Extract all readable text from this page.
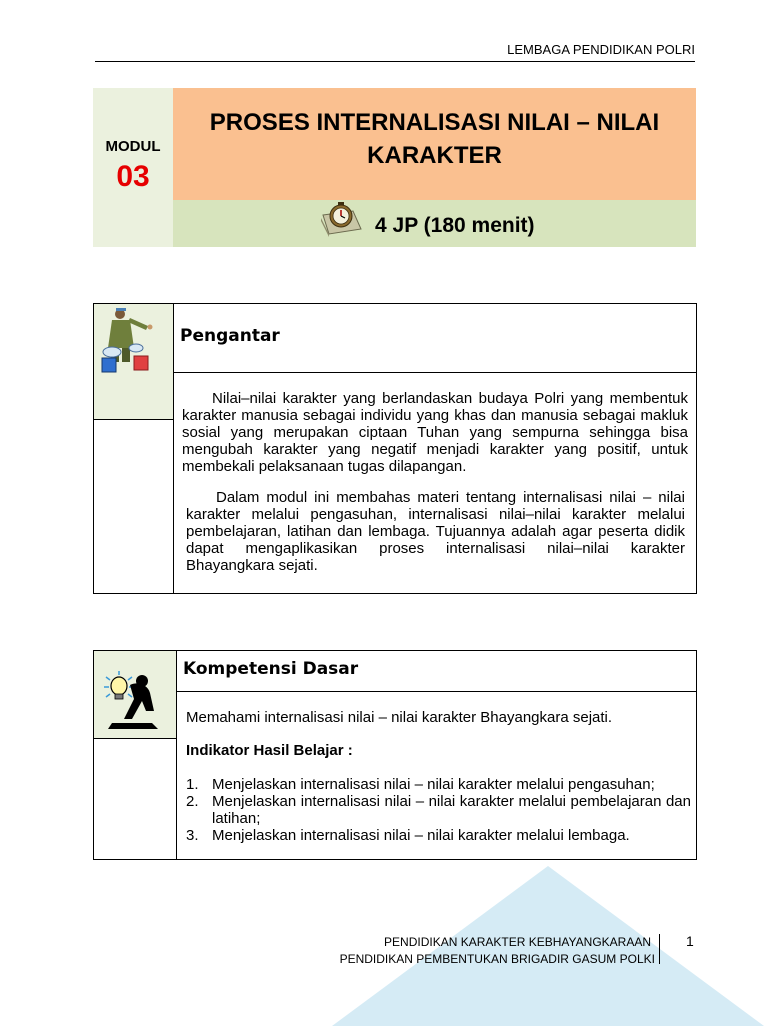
LEMBAGA PENDIDIKAN POLRI
MODUL
03
PROSES INTERNALISASI NILAI – NILAI KARAKTER
4 JP (180 menit)
Pengantar
Nilai–nilai karakter yang berlandaskan budaya Polri yang membentuk karakter manusia sebagai individu yang khas dan manusia sebagai makluk sosial yang merupakan ciptaan Tuhan yang sempurna sehingga bisa mengubah karakter yang negatif menjadi karakter yang positif, untuk membekali pelaksanaan tugas dilapangan.
Dalam modul ini membahas materi tentang internalisasi nilai – nilai karakter melalui pengasuhan, internalisasi nilai–nilai karakter melalui pembelajaran, latihan dan lembaga. Tujuannya adalah agar peserta didik dapat mengaplikasikan proses internalisasi nilai–nilai karakter Bhayangkara sejati.
Kompetensi Dasar
Memahami internalisasi nilai – nilai karakter Bhayangkara sejati.
Indikator Hasil Belajar :
1. Menjelaskan internalisasi nilai – nilai karakter melalui pengasuhan;
2. Menjelaskan internalisasi nilai – nilai karakter melalui pembelajaran dan latihan;
3. Menjelaskan internalisasi nilai – nilai karakter melalui lembaga.
PENDIDIKAN KARAKTER KEBHAYANGKARAAN
PENDIDIKAN PEMBENTUKAN BRIGADIR GASUM POLKI
1
